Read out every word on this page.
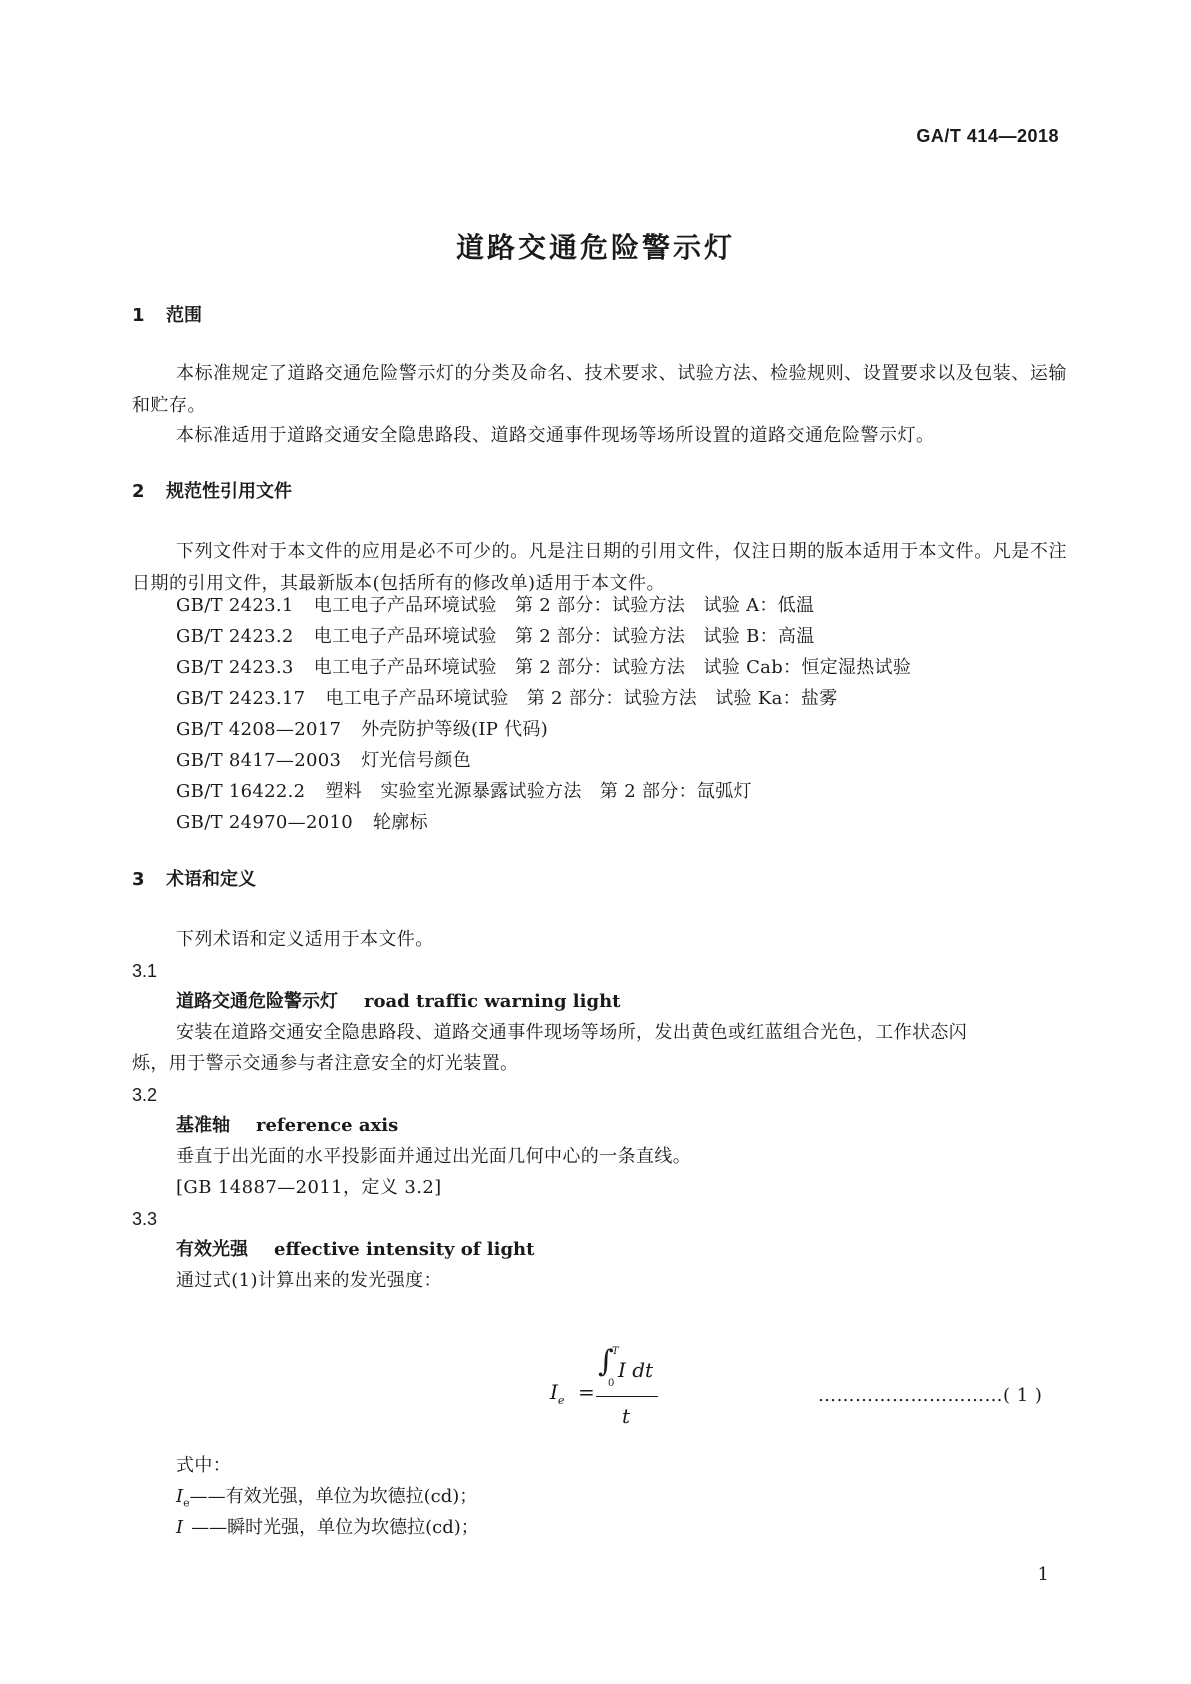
GA/T 414—2018
道路交通危险警示灯
1 范围
本标准规定了道路交通危险警示灯的分类及命名、技术要求、试验方法、检验规则、设置要求以及包装、运输和贮存。
本标准适用于道路交通安全隐患路段、道路交通事件现场等场所设置的道路交通危险警示灯。
2 规范性引用文件
下列文件对于本文件的应用是必不可少的。凡是注日期的引用文件，仅注日期的版本适用于本文件。凡是不注日期的引用文件，其最新版本(包括所有的修改单)适用于本文件。
GB/T 2423.1 电工电子产品环境试验　第 2 部分：试验方法　试验 A：低温
GB/T 2423.2 电工电子产品环境试验　第 2 部分：试验方法　试验 B：高温
GB/T 2423.3 电工电子产品环境试验　第 2 部分：试验方法　试验 Cab：恒定湿热试验
GB/T 2423.17 电工电子产品环境试验　第 2 部分：试验方法　试验 Ka：盐雾
GB/T 4208—2017 外壳防护等级(IP 代码)
GB/T 8417—2003 灯光信号颜色
GB/T 16422.2 塑料　实验室光源暴露试验方法　第 2 部分：氙弧灯
GB/T 24970—2010 轮廓标
3 术语和定义
下列术语和定义适用于本文件。
3.1
道路交通危险警示灯 road traffic warning light
安装在道路交通安全隐患路段、道路交通事件现场等场所，发出黄色或红蓝组合光色，工作状态闪
烁，用于警示交通参与者注意安全的灯光装置。
3.2
基准轴 reference axis
垂直于出光面的水平投影面并通过出光面几何中心的一条直线。
[GB 14887—2011，定义 3.2]
3.3
有效光强 effective intensity of light
通过式(1)计算出来的发光强度：
$I_e$ =
∫
T
0
I dt
t
…………………………( 1 )
式中：
$I_e——$有效光强，单位为坎德拉(cd)；
I ——瞬时光强，单位为坎德拉(cd)；
1
